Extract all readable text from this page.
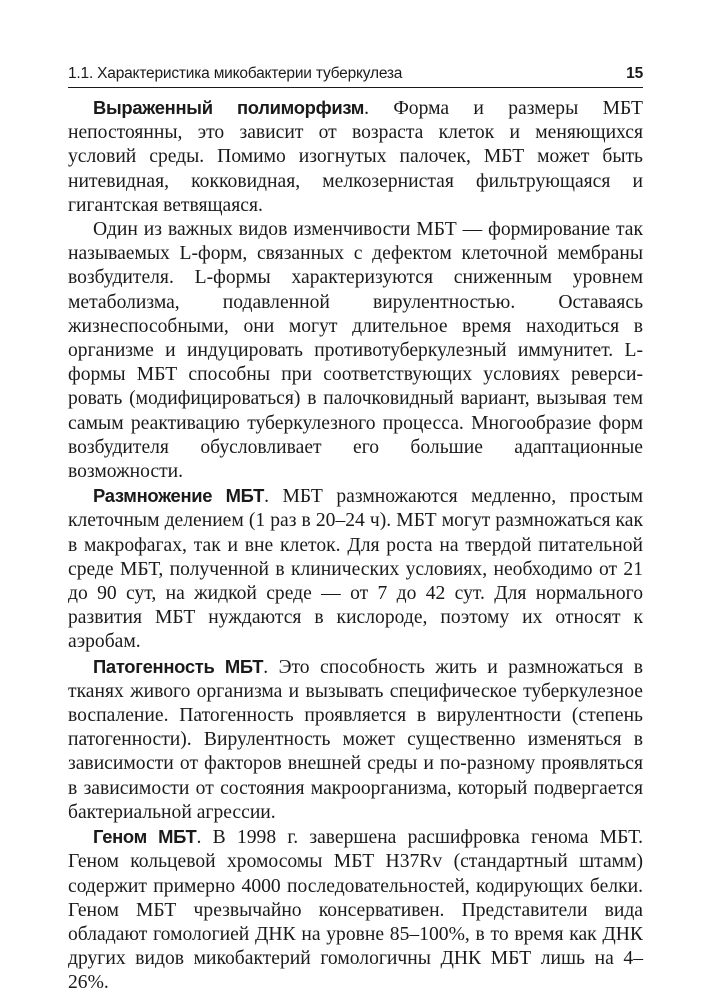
1.1. Характеристика микобактерии туберкулеза	15

Выраженный полиморфизм. Форма и размеры МБТ непостоянны, это зависит от возраста клеток и меняющихся условий среды. Помимо изогнутых палочек, МБТ может быть нитевидная, кокковидная, мелкозернистая фильтрующаяся и гигантская ветвящаяся.

Один из важных видов изменчивости МБТ — формирование так называемых L-форм, связанных с дефектом клеточной мембраны возбудителя. L-формы характеризуются сниженным уровнем метаболизма, подавленной вирулентностью. Оставаясь жизнеспособными, они могут длительное время находиться в организме и индуцировать противотуберкулезный иммунитет. L-формы МБТ способны при соответствующих условиях реверсировать (модифицироваться) в палочковидный вариант, вызывая тем самым реактивацию туберкулезного процесса. Многообразие форм возбудителя обусловливает его большие адаптационные возможности.

Размножение МБТ. МБТ размножаются медленно, простым клеточным делением (1 раз в 20–24 ч). МБТ могут размножаться как в макрофагах, так и вне клеток. Для роста на твердой питательной среде МБТ, полученной в клинических условиях, необходимо от 21 до 90 сут, на жидкой среде — от 7 до 42 сут. Для нормального развития МБТ нуждаются в кислороде, поэтому их относят к аэробам.

Патогенность МБТ. Это способность жить и размножаться в тканях живого организма и вызывать специфическое туберкулезное воспаление. Патогенность проявляется в вирулентности (степень патогенности). Вирулентность может существенно изменяться в зависимости от факторов внешней среды и по-разному проявляться в зависимости от состояния макроорганизма, который подвергается бактериальной агрессии.

Геном МБТ. В 1998 г. завершена расшифровка генома МБТ. Геном кольцевой хромосомы МБТ H37Rv (стандартный штамм) содержит примерно 4000 последовательностей, кодирующих белки. Геном МБТ чрезвычайно консервативен. Представители вида обладают гомологией ДНК на уровне 85–100%, в то время как ДНК других видов микобактерий гомологичны ДНК МБТ лишь на 4–26%.
